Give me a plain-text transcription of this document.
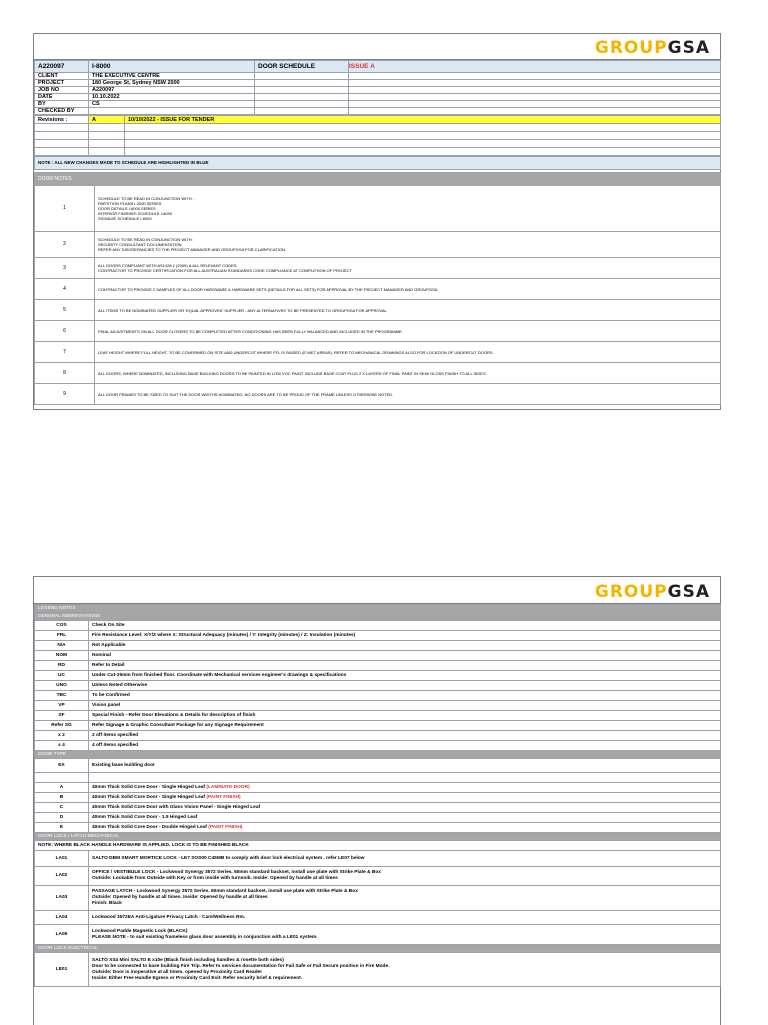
GROUPGSA
A220097	I-8000	DOOR SCHEDULE	ISSUE A
CLIENT	THE EXECUTIVE CENTRE		
PROJECT	180 George St, Sydney NSW 2000		
JOB NO	A220097		
DATE	10.10.2022		
BY	CS		
CHECKED BY			
Revisions :	A	10/10/2022 - ISSUE FOR TENDER

NOTE : ALL NEW CHANGES MADE TO SCHEDULE ARE HIGHLIGHTED IN BLUE	

DOOR NOTES	
1	SCHEDULE TO BE READ IN CONJUNCTION WITH :
PARTITION PLANS I-2000 SERIES
DOOR DETAILS I-6000 SERIES
INTERIOR FINISHES SCHEDULE I-8000
SIGNAGE SCHEDULE I-8000

2	SCHEDULE TO BE READ IN CONJUNCTION WITH :
SECURITY CONSULTANT DOCUMENTATION
REFER ANY DISCREPANCIES TO THE PROJECT MANAGER AND GROUPGSA FOR CLARIFICATION.

3	ALL DOORS COMPLIANT WITH AS1428.1 (2009) & ALL RELEVANT CODES.
CONTRACTOR TO PROVIDE CERTIFICATION FOR ALL AUSTRALIAN STANDARDS CODE COMPLIANCE AT COMPLETION OF PROJECT

4	CONTRACTOR TO PROVIDE 2 SAMPLES OF ALL DOOR HARDWARE & HARDWARE SETS (DETAILS FOR ALL SETS) FOR APPROVAL BY THE PROJECT MANAGER AND GROUPGSA
5	ALL ITEMS TO BE NOMINATED SUPPLIER OR 'EQUAL APPROVED' SUPPLIER - ANY ALTERNATIVES TO BE PRESENTED TO GROUPGSA FOR APPROVAL
6	FINAL ADJUSTMENTS ON ALL DOOR CLOSERS TO BE COMPLETED AFTER CONDITIONING HAS BEEN FULLY BALANCED AND INCLUDED IN THE PROGRAMME.
7	LEAF HEIGHT WHERE FULL HEIGHT, TO BE CONFIRMED ON SITE AND UNDERCUT WHERE FFL IS RAISED (E.WET AREAS). REFER TO MECHANICAL DRAWINGS ALSO FOR LOCATION OF UNDERCUT DOORS.
8	ALL DOORS, WHERE NOMINATED, INCLUDING BASE BUILDING DOORS TO BE PAINTED IN LOW VOC PAINT. INCLUDE BASE COAT PLUS 2 X LAYERS OF FINAL PAINT IN SEMI GLOSS FINISH TO ALL SIDES.
9	ALL DOOR FRAMES TO BE SIZED TO SUIT THE DOOR WIDTHS NOMINATED. NO DOORS ARE TO BE PROUD OF THE FRAME UNLESS OTHERWISE NOTED.
GROUPGSA
LEGEND NOTES	
GENERAL ABBREVIATIONS	
COS	Check On Site
FRL	Fire Resistance Level: X/Y/Z where X: Structural Adequacy (minutes) / Y: Integrity (minutes) / Z: Insulation (minutes)
N/A	Not Applicable
NOM	Nominal
RD	Refer to Detail
UC	Under Cut-25mm from finished floor. Coordinate with Mechanical services engineer's drawings & specifications
UNO	Unless Noted Otherwise
TBC	To be Confirmed
VP	Vision panel
SF	Special Finish - Refer Door Elevations & Details for description of finish
Refer SG	Refer Signage & Graphic Consultant Package for any Signage Requirement
x 2	2 off items specified
x 4	4 off items specified
DOOR TYPE	
EX	Existing base building door

A	40mm Thick Solid Core Door - Single Hinged Leaf (LAMINATE DOOR)
B	40mm Thick Solid Core Door - Single Hinged Leaf (PAINT FINISH)
C	40mm Thick Solid Core Door with Glass Vision Panel - Single Hinged Leaf
D	40mm Thick Solid Core Door - 1.5 Hinged Leaf
E	40mm Thick Solid Core Door - Double Hinged Leaf (PAINT FINISH)
DOOR LOCK / LATCH MECHANICAL	
NOTE: WHERE BLACK HANDLE HARDWARE IS APPLIED, LOCK IS TO BE FINISHED BLACK	
LA01	SALTO DBM SMART MORTICE LOCK - LE7 SOS00 C45MB to comply with door lock electrical system . refer LE07 below
LA02	OFFICE / VESTIBULE LOCK - Lockwood Synergy 3572 Series. 60mm standard backset, install use plate with Strike Plate & Box
Outside: Lockable from Outside with Key or from inside with turnsnib. Inside: Opened by handle at all times

LA03	PASSAGE LATCH - Lockwood Synergy 3572 Series. 60mm standard backset, install use plate with Strike Plate & Box
Outside: Opened by handle at all times. Inside: Opened by handle at all times
Finish: Black

LA04	Lockwood 3572EA Anti-Ligature Privacy Latch - Care/Wellness Rm.
LA05	Lockwood Padde Magnetic Lock (BLACK)
PLEASE NOTE - to suit existing frameless glass door assembly in conjunction with a LE01 system.

DOOR LOCK ELECTRICAL	
LE01	SALTO XS4 Mini SALTO E x10e (Black finish including handles & rosette both sides)
Door to be connected to base building Fire Trip. Refer to services documentation for Fail Safe or Fail Secure position in Fire Mode.
Outside: Door is inoperative at all times. opened by Proximity Card Reader
Inside: Either Free Handle Egress or Proximity Card Exit- Refer security brief & requirement.
